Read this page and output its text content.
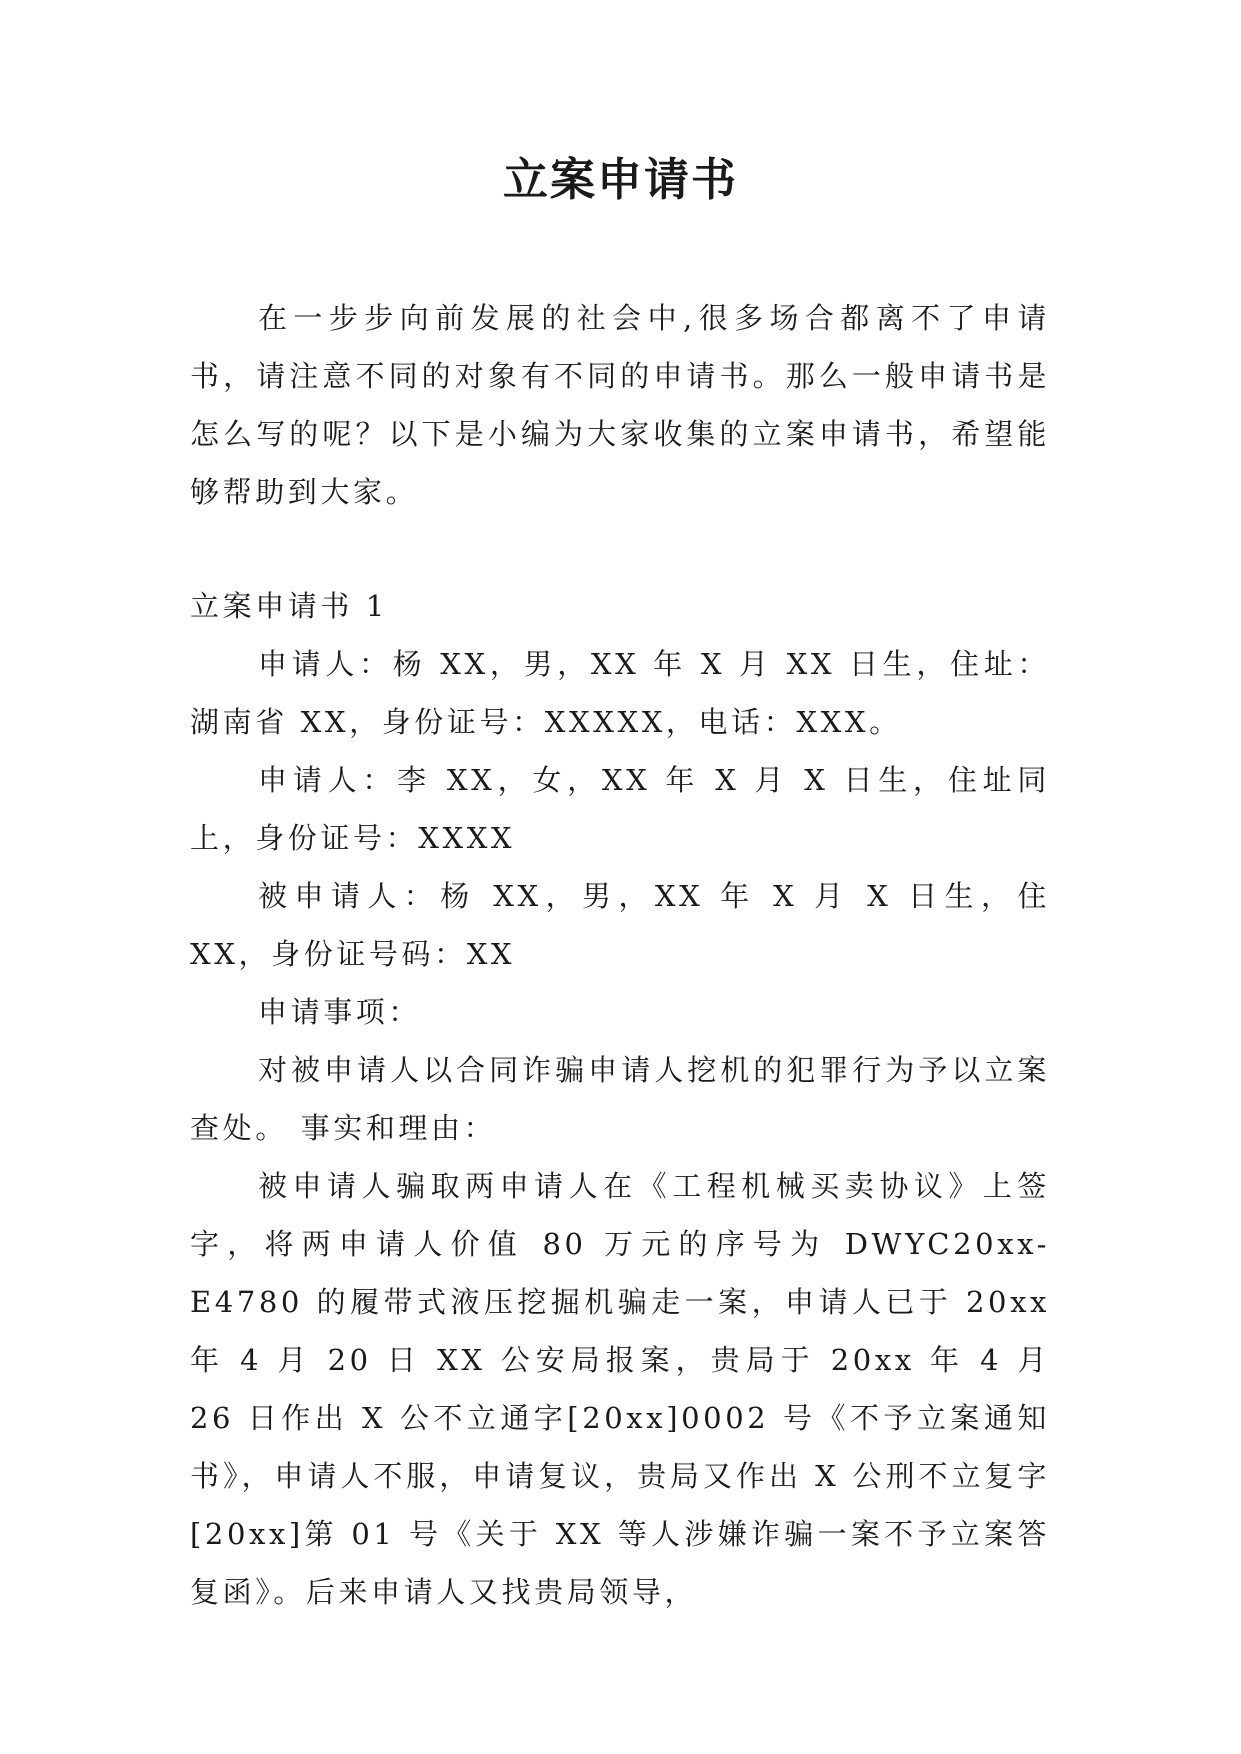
立案申请书

在一步步向前发展的社会中,很多场合都离不了申请书，请注意不同的对象有不同的申请书。那么一般申请书是怎么写的呢？以下是小编为大家收集的立案申请书，希望能够帮助到大家。

立案申请书 1

申请人：杨 XX，男，XX 年 X 月 XX 日生，住址：湖南省 XX，身份证号：XXXXX，电话：XXX。

申请人：李 XX，女，XX 年 X 月 X 日生，住址同上，身份证号：XXXX

被申请人：杨 XX，男，XX 年 X 月 X 日生，住 XX，身份证号码：XX

申请事项：

对被申请人以合同诈骗申请人挖机的犯罪行为予以立案查处。 事实和理由：

被申请人骗取两申请人在《工程机械买卖协议》上签字，将两申请人价值 80 万元的序号为 DWYC20xx-E4780 的履带式液压挖掘机骗走一案，申请人已于 20xx 年 4 月 20 日 XX 公安局报案，贵局于 20xx 年 4 月 26 日作出 X 公不立通字[20xx]0002 号《不予立案通知书》，申请人不服，申请复议，贵局又作出 X 公刑不立复字[20xx]第 01 号《关于 XX 等人涉嫌诈骗一案不予立案答复函》。后来申请人又找贵局领导，
